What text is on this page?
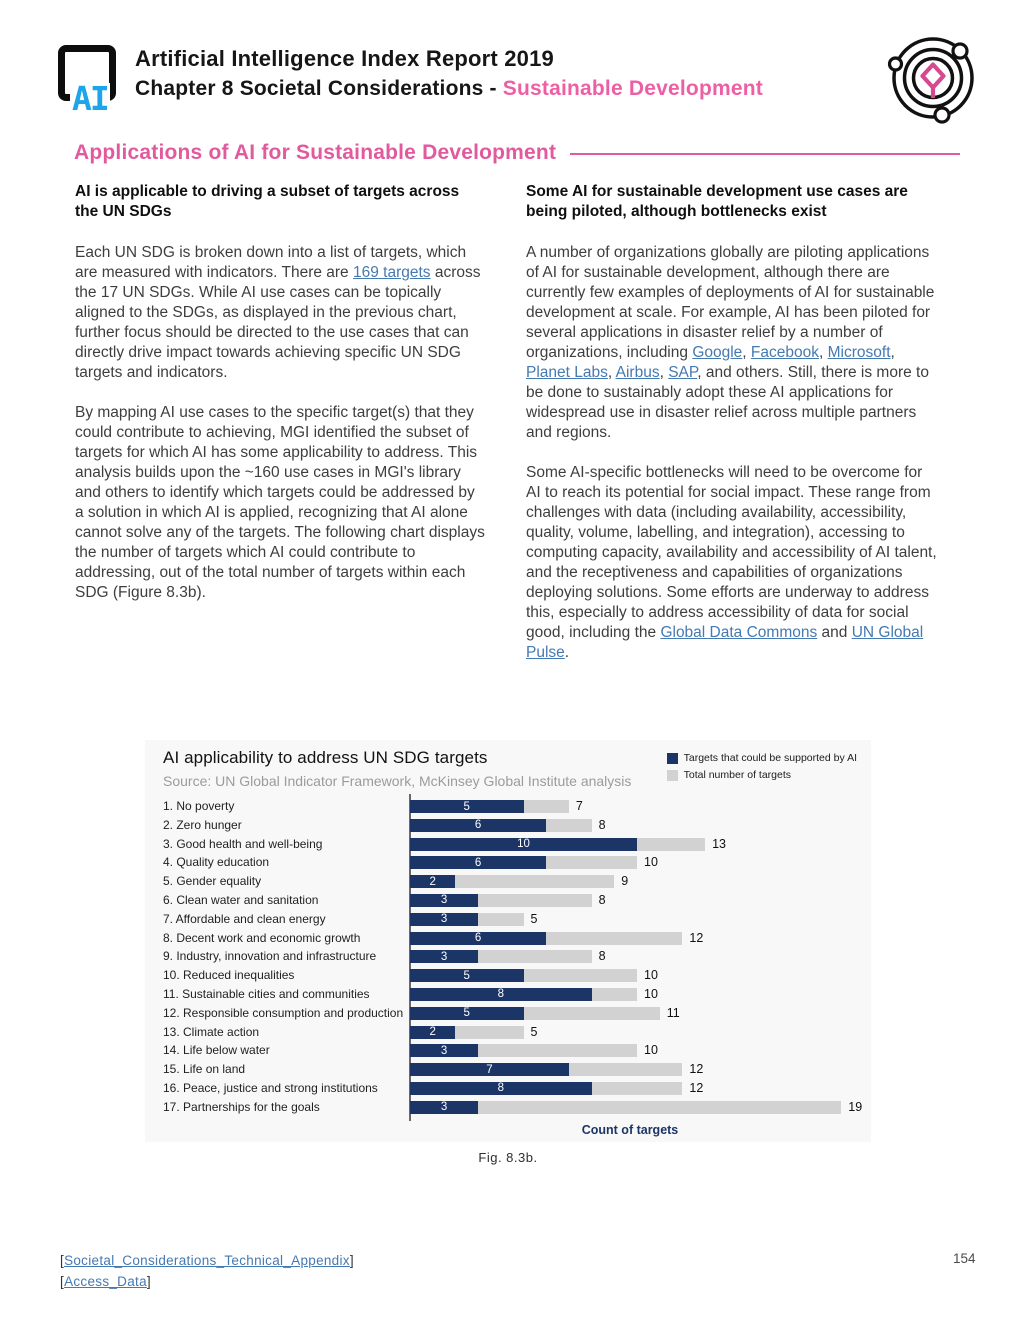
AI
Artificial Intelligence Index Report 2019
Chapter 8 Societal Considerations - Sustainable Development
Applications of AI for Sustainable Development
AI is applicable to driving a subset of targets across the UN SDGs

Each UN SDG is broken down into a list of targets, which are measured with indicators. There are 169 targets across the 17 UN SDGs. While AI use cases can be topically aligned to the SDGs, as displayed in the previous chart, further focus should be directed to the use cases that can directly drive impact towards achieving specific UN SDG targets and indicators.

By mapping AI use cases to the specific target(s) that they could contribute to achieving, MGI identified the subset of targets for which AI has some applicability to address. This analysis builds upon the ~160 use cases in MGI's library and others to identify which targets could be addressed by a solution in which AI is applied, recognizing that AI alone cannot solve any of the targets. The following chart displays the number of targets which AI could contribute to addressing, out of the total number of targets within each SDG (Figure 8.3b).

Some AI for sustainable development use cases are being piloted, although bottlenecks exist

A number of organizations globally are piloting applications of AI for sustainable development, although there are currently few examples of deployments of AI for sustainable development at scale. For example, AI has been piloted for several applications in disaster relief by a number of organizations, including Google, Facebook, Microsoft, Planet Labs, Airbus, SAP, and others. Still, there is more to be done to sustainably adopt these AI applications for widespread use in disaster relief across multiple partners and regions.

Some AI-specific bottlenecks will need to be overcome for AI to reach its potential for social impact. These range from challenges with data (including availability, accessibility, quality, volume, labelling, and integration), accessing to computing capacity, availability and accessibility of AI talent, and the receptiveness and capabilities of organizations deploying solutions. Some efforts are underway to address this, especially to address accessibility of data for social good, including the Global Data Commons and UN Global Pulse.

AI applicability to address UN SDG targets
Source: UN Global Indicator Framework, McKinsey Global Institute analysis
Targets that could be supported by AI
Total number of targets
1. No poverty	5	7
2. Zero hunger	6	8
3. Good health and well-being	10	13
4. Quality education	6	10
5. Gender equality	2	9
6. Clean water and sanitation	3	8
7. Affordable and clean energy	3	5
8. Decent work and economic growth	6	12
9. Industry, innovation and infrastructure	3	8
10. Reduced inequalities	5	10
11. Sustainable cities and communities	8	10
12. Responsible consumption and production	5	11
13. Climate action	2	5
14. Life below water	3	10
15. Life on land	7	12
16. Peace, justice and strong institutions	8	12
17. Partnerships for the goals	3	19
Count of targets
Fig. 8.3b.
[Societal_Considerations_Technical_Appendix]
[Access_Data]
154
